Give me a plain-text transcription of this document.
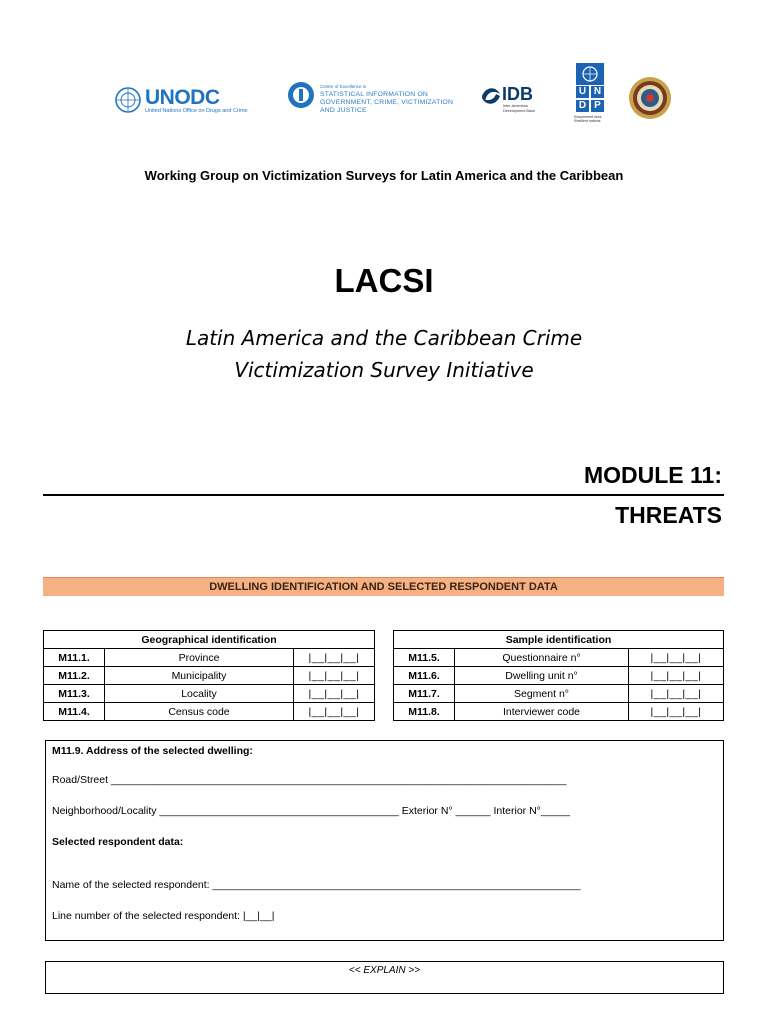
UNODC
United Nations Office on Drugs and Crime
Centre of Excellence in
STATISTICAL INFORMATION ON GOVERNMENT, CRIME, VICTIMIZATION AND JUSTICE
IDB
Inter-American Development Bank
U N
D P
Empowered lives. Resilient nations.
Working Group on Victimization Surveys for Latin America and the Caribbean
LACSI
Latin America and the Caribbean Crime
Victimization Survey Initiative
MODULE 11:
THREATS
DWELLING IDENTIFICATION AND SELECTED RESPONDENT DATA
Geographical identification		
M11.1.	Province	|__|__|__|
M11.2.	Municipality	|__|__|__|
M11.3.	Locality	|__|__|__|
M11.4.	Census code	|__|__|__|
Sample identification		
M11.5.	Questionnaire n°	|__|__|__|
M11.6.	Dwelling unit n°	|__|__|__|
M11.7.	Segment n°	|__|__|__|
M11.8.	Interviewer code	|__|__|__|
M11.9. Address of the selected dwelling:
Road/Street ______________________________________________________________________________
Neighborhood/Locality _________________________________________ Exterior N° ______ Interior N°_____
Selected respondent data:
Name of the selected respondent: _______________________________________________________________
Line number of the selected respondent: |__|__|
<< EXPLAIN >>
